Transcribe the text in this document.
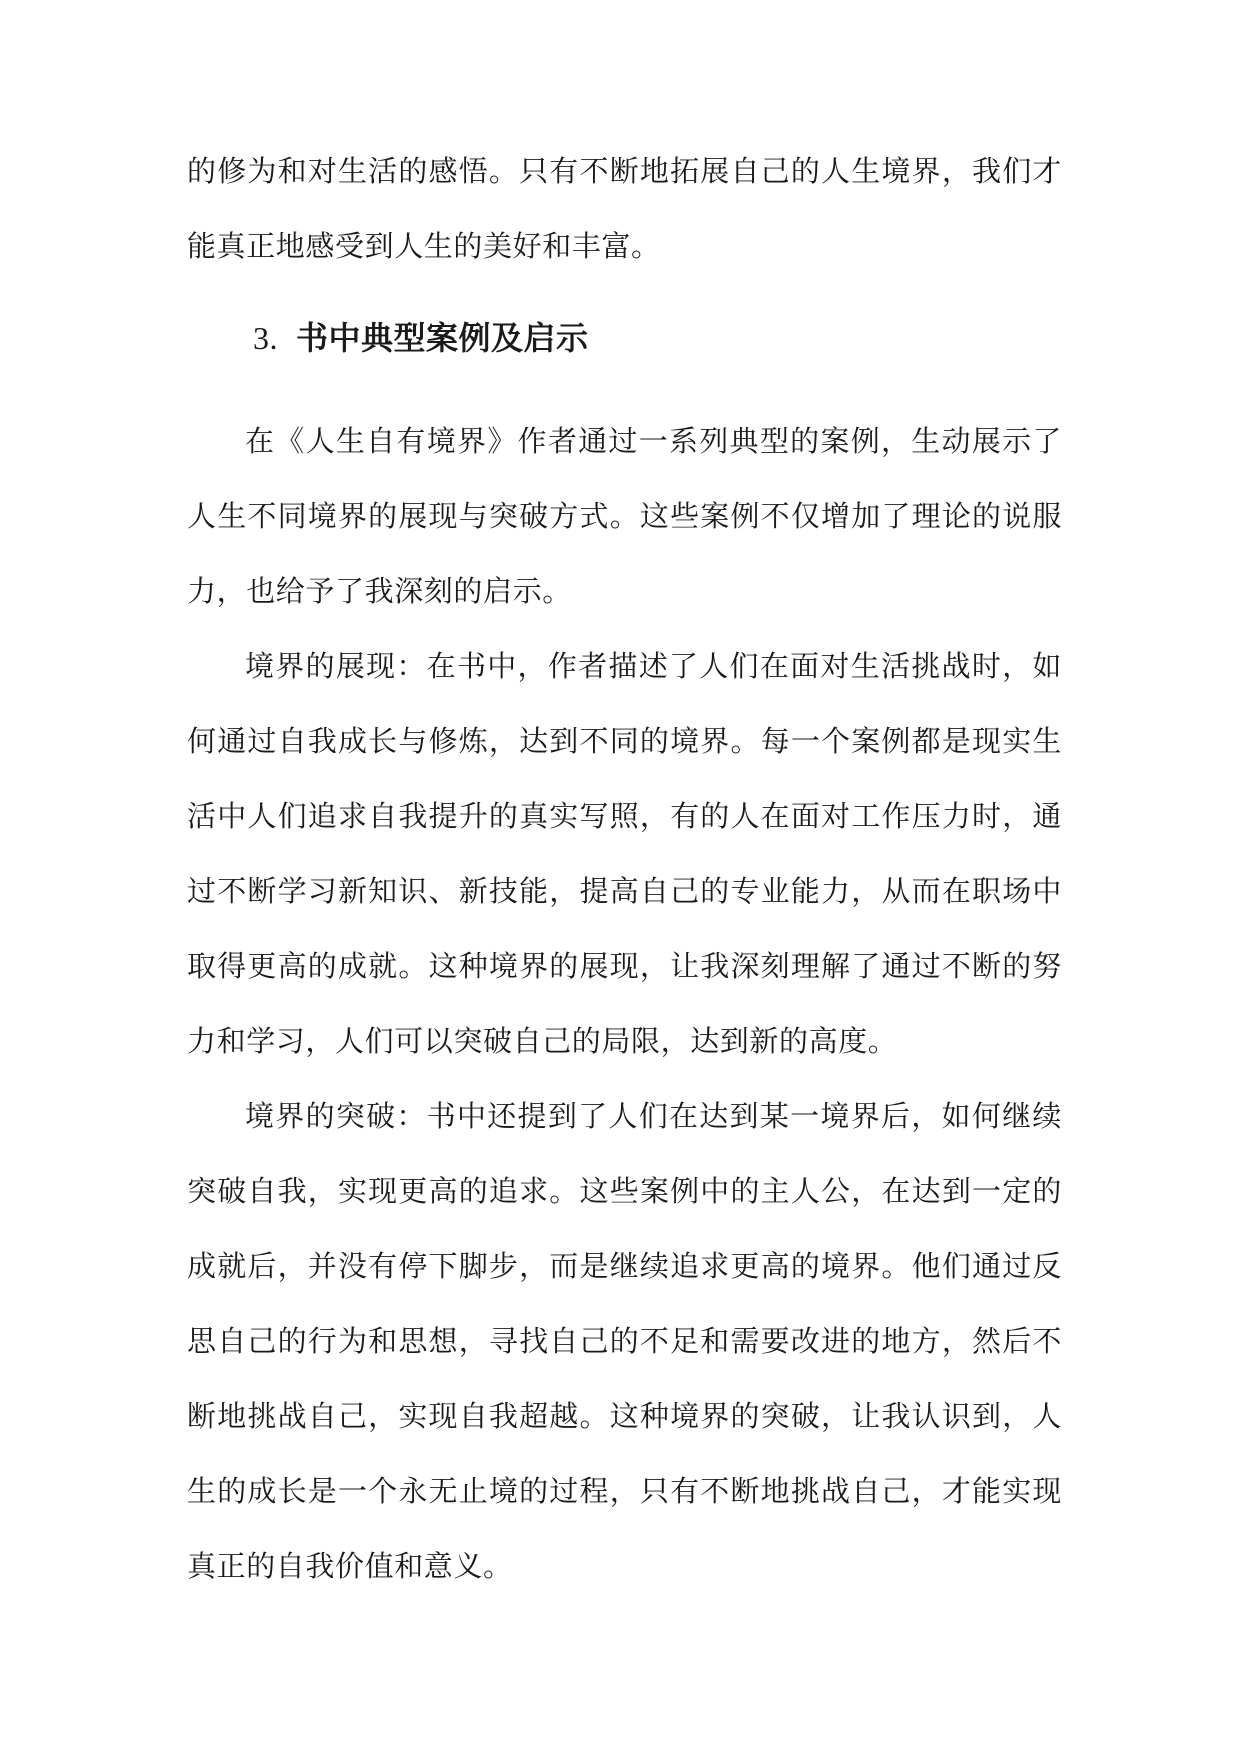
的修为和对生活的感悟。只有不断地拓展自己的人生境界，我们才能真正地感受到人生的美好和丰富。

3. 书中典型案例及启示

在《人生自有境界》作者通过一系列典型的案例，生动展示了人生不同境界的展现与突破方式。这些案例不仅增加了理论的说服力，也给予了我深刻的启示。

境界的展现：在书中，作者描述了人们在面对生活挑战时，如何通过自我成长与修炼，达到不同的境界。每一个案例都是现实生活中人们追求自我提升的真实写照，有的人在面对工作压力时，通过不断学习新知识、新技能，提高自己的专业能力，从而在职场中取得更高的成就。这种境界的展现，让我深刻理解了通过不断的努力和学习，人们可以突破自己的局限，达到新的高度。

境界的突破：书中还提到了人们在达到某一境界后，如何继续突破自我，实现更高的追求。这些案例中的主人公，在达到一定的成就后，并没有停下脚步，而是继续追求更高的境界。他们通过反思自己的行为和思想，寻找自己的不足和需要改进的地方，然后不断地挑战自己，实现自我超越。这种境界的突破，让我认识到，人生的成长是一个永无止境的过程，只有不断地挑战自己，才能实现真正的自我价值和意义。
